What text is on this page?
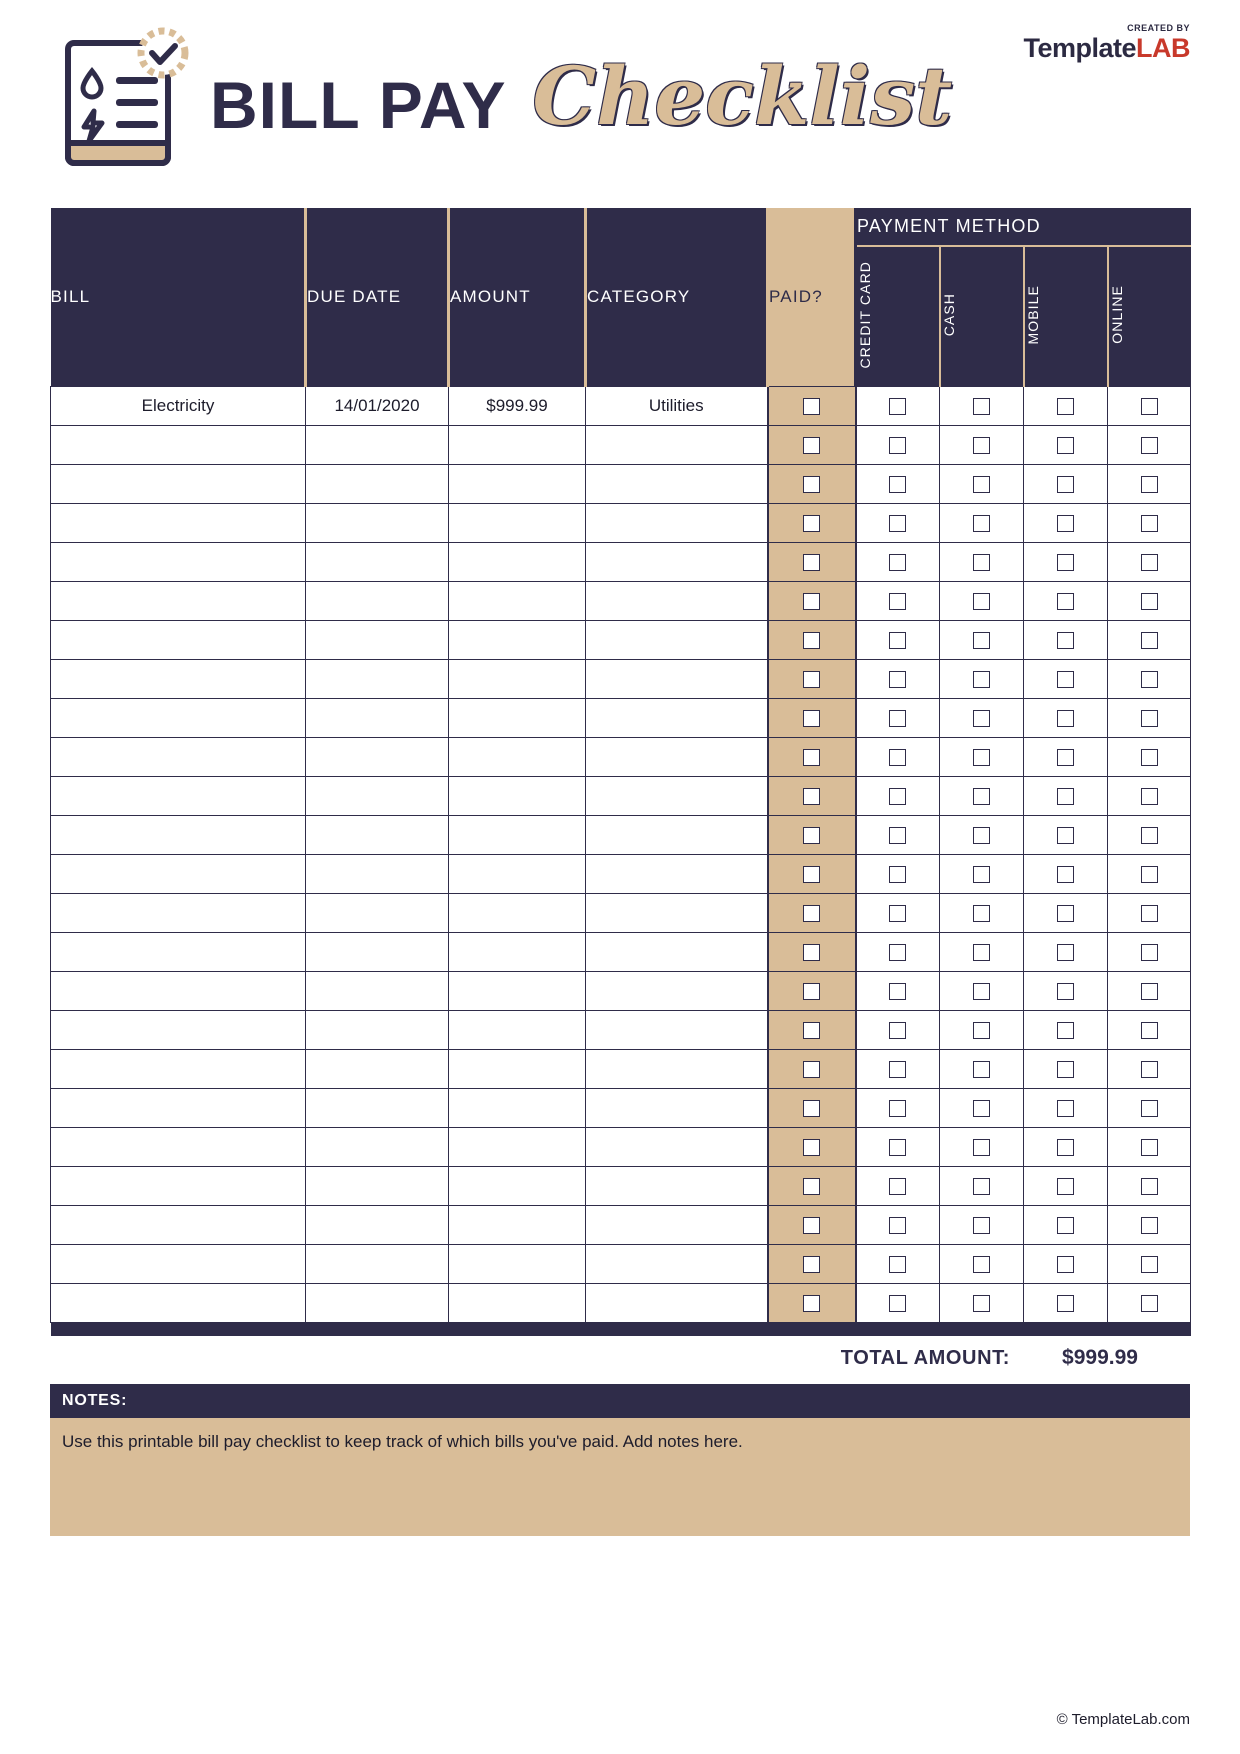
CREATED BY
TemplateLAB
BILL PAY Checklist
BILL	DUE DATE	AMOUNT	CATEGORY	PAID?	PAYMENT METHOD			
					CREDIT CARD	CASH	MOBILE	ONLINE
Electricity	14/01/2020	$999.99	Utilities					

TOTAL AMOUNT:	$999.99
NOTES:
Use this printable bill pay checklist to keep track of which bills you've paid. Add notes here.
© TemplateLab.com
